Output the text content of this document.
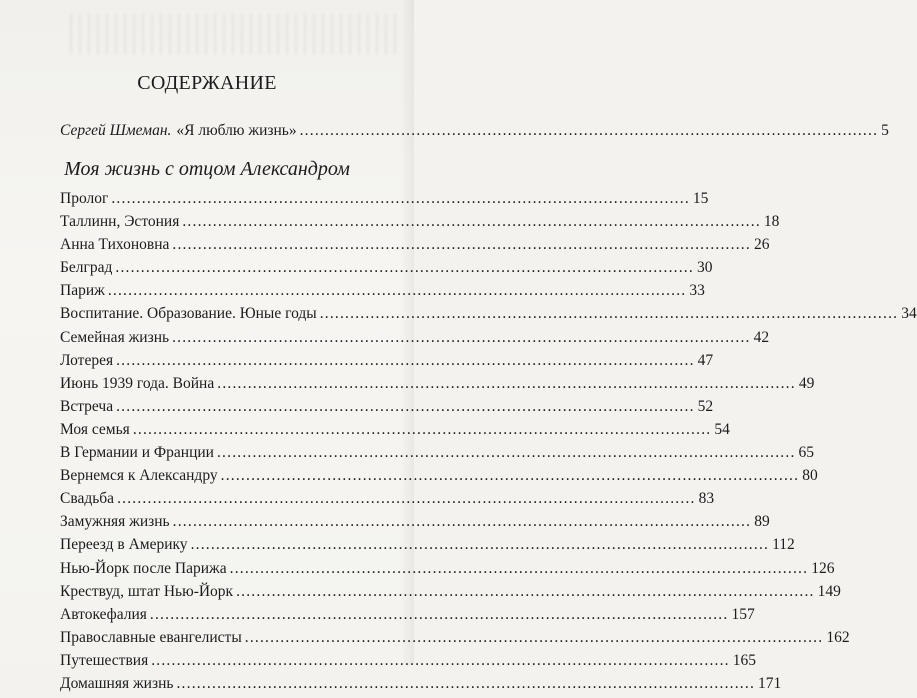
СОДЕРЖАНИЕ
Сергей Шмеман. «Я люблю жизнь» .....	5
Моя жизнь с отцом Александром
Пролог .....	15
Таллинн, Эстония .....	18
Анна Тихоновна .....	26
Белград .....	30
Париж .....	33
Воспитание. Образование. Юные годы .....	34
Семейная жизнь .....	42
Лотерея .....	47
Июнь 1939 года. Война .....	49
Встреча .....	52
Моя семья .....	54
В Германии и Франции .....	65
Вернемся к Александру .....	80
Свадьба .....	83
Замужняя жизнь .....	89
Переезд в Америку .....	112
Нью-Йорк после Парижа .....	126
Креcтвуд, штат Нью-Йорк .....	149
Автокефалия .....	157
Православные евангелисты .....	162
Путешествия .....	165
Домашняя жизнь .....	171
